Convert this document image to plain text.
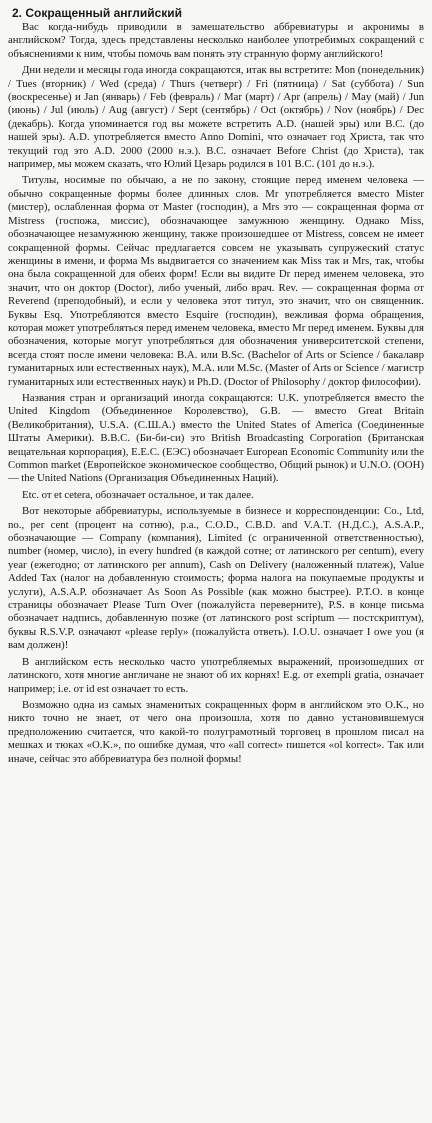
2. Сокращенный английский

Вас когда-нибудь приводили в замешательство аббревиатуры и акронимы в английском? Тогда, здесь представлены несколько наиболее употребимых сокращений с объяснениями к ним, чтобы помочь вам понять эту странную форму английского!

Дни недели и месяцы года иногда сокращаются, итак вы встретите: Mon (понедельник) / Tues (вторник) / Wed (среда) / Thurs (четверг) / Fri (пятница) / Sat (суббота) / Sun (воскресенье) и Jan (январь) / Feb (февраль) / Mar (март) / Apr (апрель) / May (май) / Jun (июнь) / Jul (июль) / Aug (август) / Sept (сентябрь) / Oct (октябрь) / Nov (ноябрь) / Dec (декабрь). Когда упоминается год вы можете встретить A.D. (нашей эры) или B.C. (до нашей эры). A.D. употребляется вместо Anno Domini, что означает год Христа, так что текущий год это A.D. 2000 (2000 н.э.). B.C. означает Before Christ (до Христа), так например, мы можем сказать, что Юлий Цезарь родился в 101 B.C. (101 до н.э.).

Титулы, носимые по обычаю, а не по закону, стоящие перед именем человека — обычно сокращенные формы более длинных слов. Mr употребляется вместо Mister (мистер), ослабленная форма от Master (господин), а Mrs это — сокращенная форма от Mistress (госпожа, миссис), обозначающее замужнюю женщину. Однако Miss, обозначающее незамужнюю женщину, также произошедшее от Mistress, совсем не имеет сокращенной формы. Сейчас предлагается совсем не указывать супружеский статус женщины в имени, и форма Ms выдвигается со значением как Miss так и Mrs, так, чтобы она была сокращенной для обеих форм! Если вы видите Dr перед именем человека, это значит, что он доктор (Doctor), либо ученый, либо врач. Rev. — сокращенная форма от Reverend (преподобный), и если у человека этот титул, это значит, что он священник. Буквы Esq. Употребляются вместо Esquire (господин), вежливая форма обращения, которая может употребляться перед именем человека, вместо Mr перед именем. Буквы для обозначения, которые могут употребляться для обозначения университетской степени, всегда стоят после имени человека: B.A. или B.Sc. (Bachelor of Arts or Science / бакалавр гуманитарных или естественных наук), M.A. или M.Sc. (Master of Arts or Science / магистр гуманитарных или естественных наук) и Ph.D. (Doctor of Philosophy / доктор философии).

Названия стран и организаций иногда сокращаются: U.K. употребляется вместо the United Kingdom (Объединенное Королевство), G.B. — вместо Great Britain (Великобритания), U.S.A. (С.Ш.А.) вместо the United States of America (Соединенные Штаты Америки). B.B.C. (Би-би-си) это British Broadcasting Corporation (Британская вещательная корпорация), E.E.C. (ЕЭС) обозначает European Economic Community или the Common market (Европейское экономическое сообщество, Общий рынок) и U.N.O. (ООН) — the United Nations (Организация Объединенных Наций).

Etc. от et cetera, обозначает остальное, и так далее.

Вот некоторые аббревиатуры, используемые в бизнесе и корреспонденции: Co., Ltd, no., per cent (процент на сотню), p.a., C.O.D., C.B.D. and V.A.T. (Н.Д.С.), A.S.A.P., обозначающие — Company (компания), Limited (с ограниченной ответственностью), number (номер, число), in every hundred (в каждой сотне; от латинского per centum), every year (ежегодно; от латинского per annum), Cash on Delivery (наложенный платеж), Value Added Tax (налог на добавленную стоимость; форма налога на покупаемые продукты и услуги), A.S.A.P. обозначает As Soon As Possible (как можно быстрее). P.T.O. в конце страницы обозначает Please Turn Over (пожалуйста переверните), P.S. в конце письма обозначает надпись, добавленную позже (от латинского post scriptum — постскриптум), буквы R.S.V.P. означают «please reply» (пожалуйста ответь). I.O.U. означает I owe you (я вам должен)!

В английском есть несколько часто употребляемых выражений, произошедших от латинского, хотя многие англичане не знают об их корнях! E.g. от exempli gratia, означает например; i.e. от id est означает то есть.

Возможно одна из самых знаменитых сокращенных форм в английском это O.K., но никто точно не знает, от чего она произошла, хотя по давно установившемуся предположению считается, что какой-то полуграмотный торговец в прошлом писал на мешках и тюках «O.K.», по ошибке думая, что «all correct» пишется «ol korrect». Так или иначе, сейчас это аббревиатура без полной формы!
